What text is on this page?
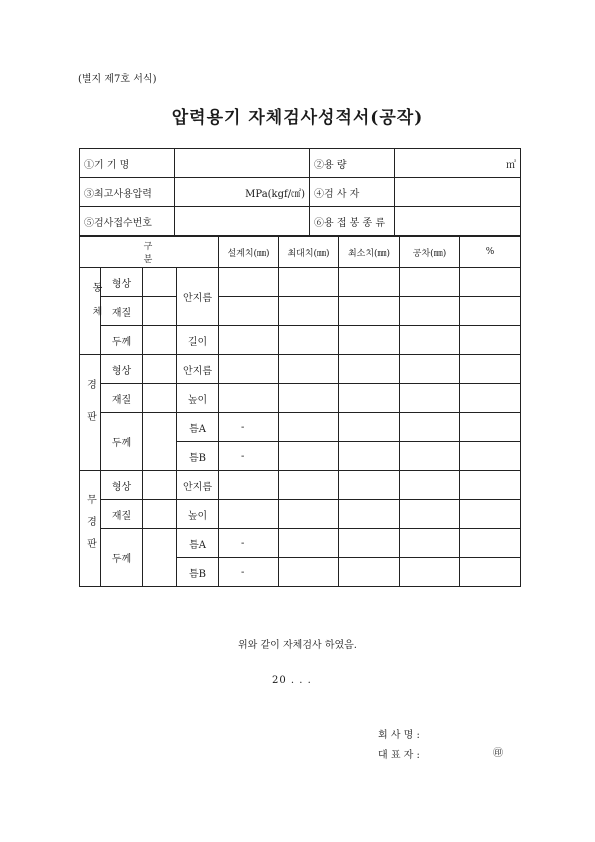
(별지 제7호 서식)
압력용기 자체검사성적서(공작)
①기 기 명		②용 량	㎥
③최고사용압력	MPa(kgf/㎠)	④검 사 자	
⑤검사접수번호		⑥용 접 봉 종 류	
구분				설계치(㎜)	최대치(㎜)	최소치(㎜)	공차(㎜)	%
동체	형상		안지름					
	재질							
	두께		길이					
경판	형상		안지름					
	재질		높이					
	두께		틈A	-				
			틈B	-				
무경판	형상		안지름					
	재질		높이					
	두께		틈A	-				
			틈B	-				
위와 같이 자체검사 하였음.
20 . . .
회 사 명 :
대 표 자 :	㊞
